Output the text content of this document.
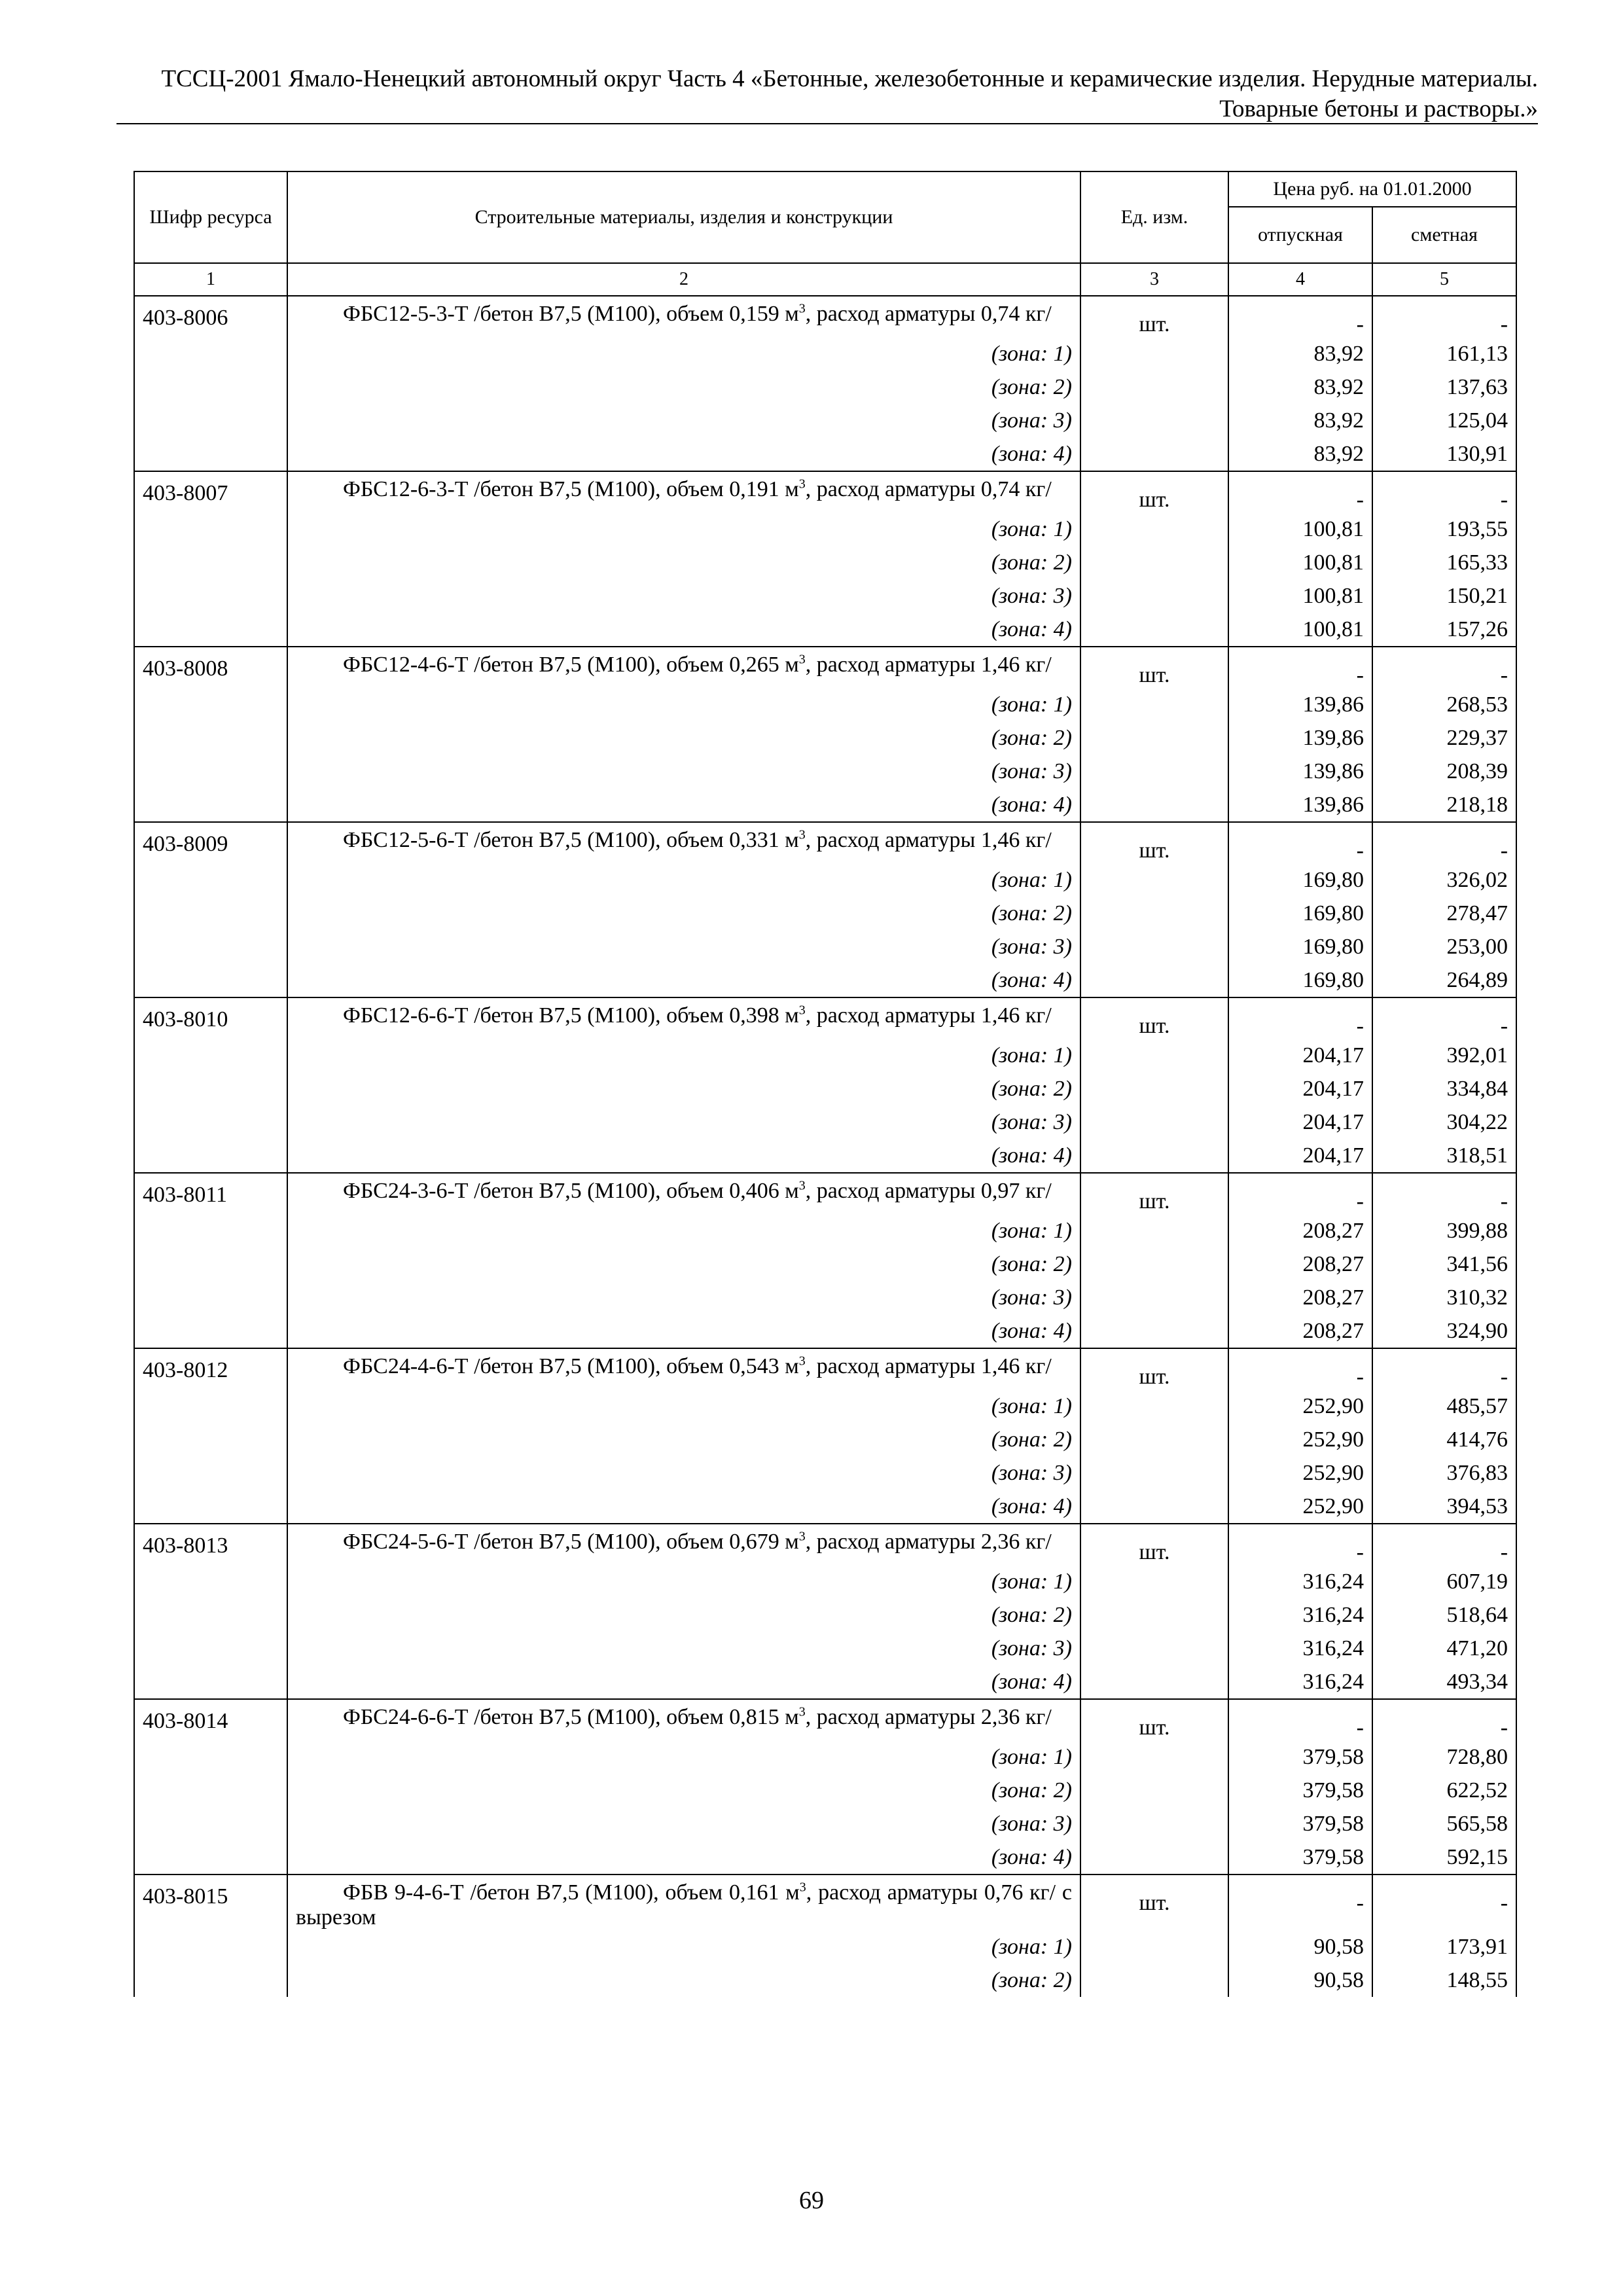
ТССЦ-2001 Ямало-Ненецкий автономный округ Часть 4 «Бетонные, железобетонные и керамические изделия. Нерудные материалы.
Товарные бетоны и растворы.»
Шифр ресурса	Строительные материалы, изделия и конструкции	Ед. изм.	Цена руб. на 01.01.2000	
			отпускная	сметная
1	2	3	4	5
403-8006	ФБС12-5-3-Т /бетон В7,5 (М100), объем 0,159 $м^3$, расход арматуры 0,74 кг/	шт.	-	-
	(зона: 1)		83,92	161,13
	(зона: 2)		83,92	137,63
	(зона: 3)		83,92	125,04
	(зона: 4)		83,92	130,91
403-8007	ФБС12-6-3-Т /бетон В7,5 (М100), объем 0,191 $м^3$, расход арматуры 0,74 кг/	шт.	-	-
	(зона: 1)		100,81	193,55
	(зона: 2)		100,81	165,33
	(зона: 3)		100,81	150,21
	(зона: 4)		100,81	157,26
403-8008	ФБС12-4-6-Т /бетон В7,5 (М100), объем 0,265 $м^3$, расход арматуры 1,46 кг/	шт.	-	-
	(зона: 1)		139,86	268,53
	(зона: 2)		139,86	229,37
	(зона: 3)		139,86	208,39
	(зона: 4)		139,86	218,18
403-8009	ФБС12-5-6-Т /бетон В7,5 (М100), объем 0,331 $м^3$, расход арматуры 1,46 кг/	шт.	-	-
	(зона: 1)		169,80	326,02
	(зона: 2)		169,80	278,47
	(зона: 3)		169,80	253,00
	(зона: 4)		169,80	264,89
403-8010	ФБС12-6-6-Т /бетон В7,5 (М100), объем 0,398 $м^3$, расход арматуры 1,46 кг/	шт.	-	-
	(зона: 1)		204,17	392,01
	(зона: 2)		204,17	334,84
	(зона: 3)		204,17	304,22
	(зона: 4)		204,17	318,51
403-8011	ФБС24-3-6-Т /бетон В7,5 (М100), объем 0,406 $м^3$, расход арматуры 0,97 кг/	шт.	-	-
	(зона: 1)		208,27	399,88
	(зона: 2)		208,27	341,56
	(зона: 3)		208,27	310,32
	(зона: 4)		208,27	324,90
403-8012	ФБС24-4-6-Т /бетон В7,5 (М100), объем 0,543 $м^3$, расход арматуры 1,46 кг/	шт.	-	-
	(зона: 1)		252,90	485,57
	(зона: 2)		252,90	414,76
	(зона: 3)		252,90	376,83
	(зона: 4)		252,90	394,53
403-8013	ФБС24-5-6-Т /бетон В7,5 (М100), объем 0,679 $м^3$, расход арматуры 2,36 кг/	шт.	-	-
	(зона: 1)		316,24	607,19
	(зона: 2)		316,24	518,64
	(зона: 3)		316,24	471,20
	(зона: 4)		316,24	493,34
403-8014	ФБС24-6-6-Т /бетон В7,5 (М100), объем 0,815 $м^3$, расход арматуры 2,36 кг/	шт.	-	-
	(зона: 1)		379,58	728,80
	(зона: 2)		379,58	622,52
	(зона: 3)		379,58	565,58
	(зона: 4)		379,58	592,15
403-8015	ФБВ 9-4-6-Т /бетон В7,5 (М100), объем 0,161 $м^3$, расход арматуры 0,76 кг/ с вырезом	шт.	-	-
	(зона: 1)		90,58	173,91
	(зона: 2)		90,58	148,55
69
